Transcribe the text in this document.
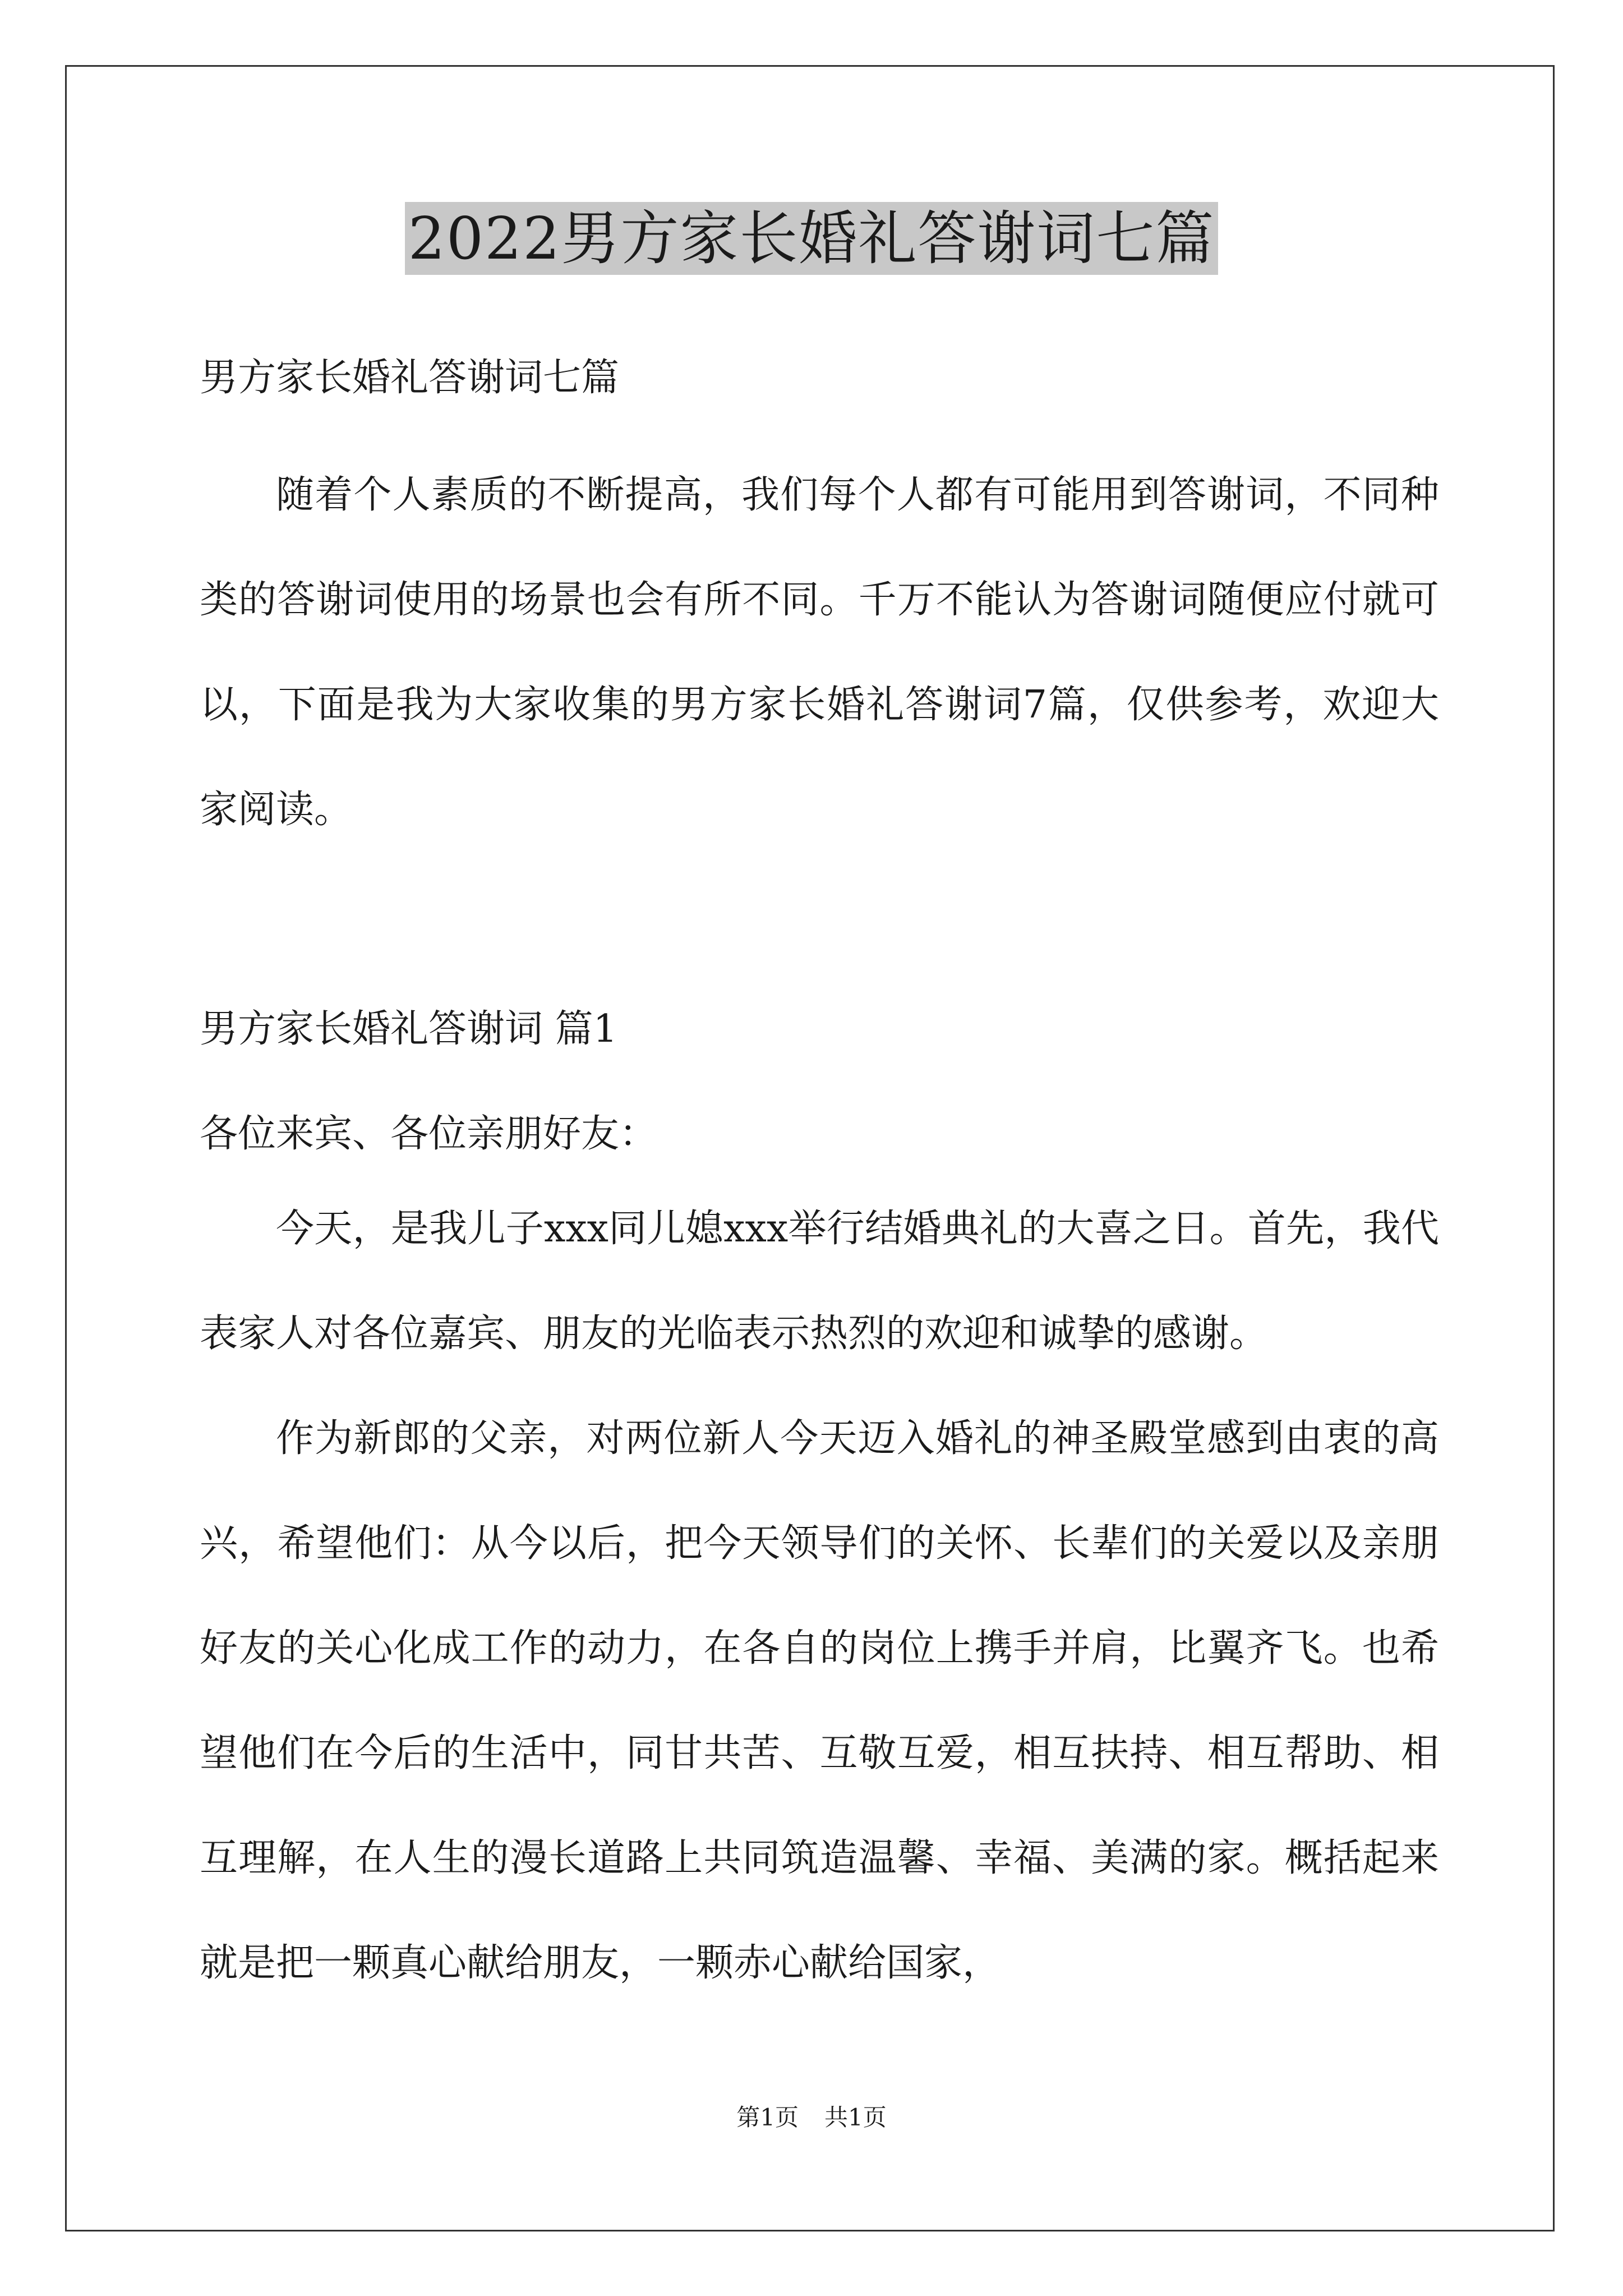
2022男方家长婚礼答谢词七篇

男方家长婚礼答谢词七篇

随着个人素质的不断提高，我们每个人都有可能用到答谢词，不同种类的答谢词使用的场景也会有所不同。千万不能认为答谢词随便应付就可以，下面是我为大家收集的男方家长婚礼答谢词7篇，仅供参考，欢迎大家阅读。

男方家长婚礼答谢词 篇1

各位来宾、各位亲朋好友：

今天，是我儿子xxx同儿媳xxx举行结婚典礼的大喜之日。首先，我代表家人对各位嘉宾、朋友的光临表示热烈的欢迎和诚挚的感谢。

作为新郎的父亲，对两位新人今天迈入婚礼的神圣殿堂感到由衷的高兴，希望他们：从今以后，把今天领导们的关怀、长辈们的关爱以及亲朋好友的关心化成工作的动力，在各自的岗位上携手并肩，比翼齐飞。也希望他们在今后的生活中，同甘共苦、互敬互爱，相互扶持、相互帮助、相互理解，在人生的漫长道路上共同筑造温馨、幸福、美满的家。概括起来就是把一颗真心献给朋友，一颗赤心献给国家，

第1页 共1页
